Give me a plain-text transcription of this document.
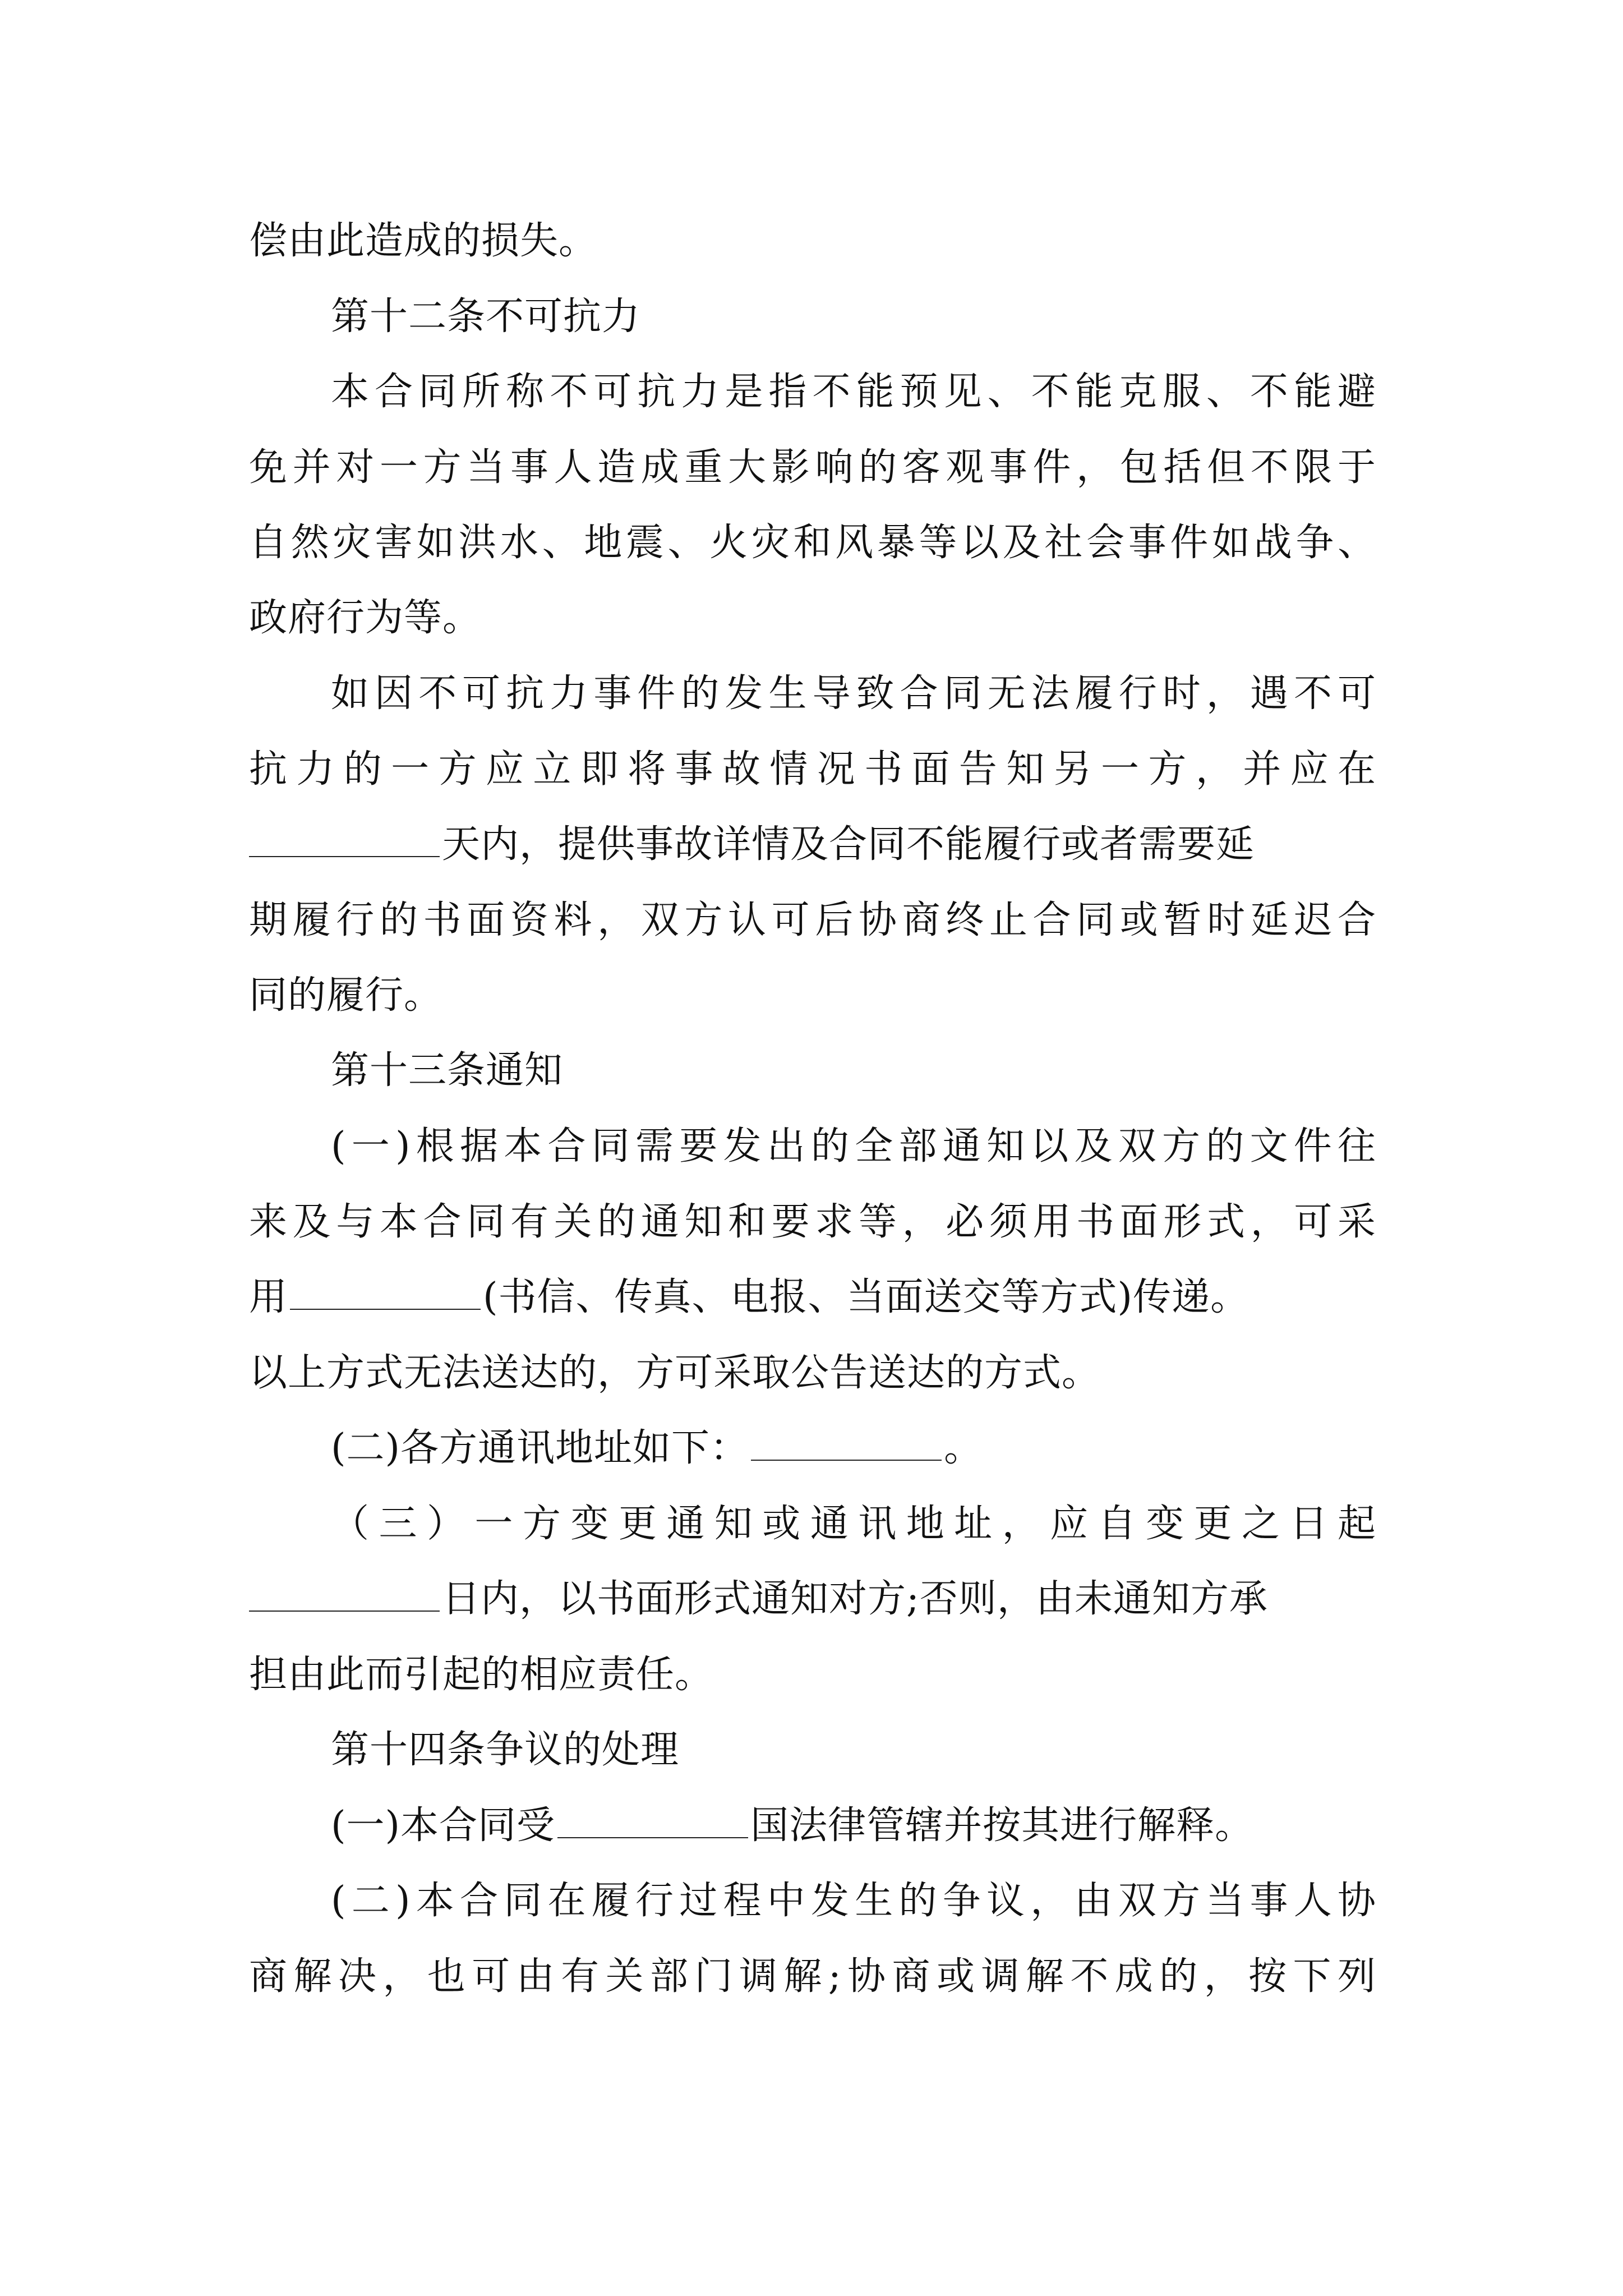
偿由此造成的损失。
第十二条不可抗力
本合同所称不可抗力是指不能预见、不能克服、不能避
免并对一方当事人造成重大影响的客观事件，包括但不限于
自然灾害如洪水、地震、火灾和风暴等以及社会事件如战争、
政府行为等。
如因不可抗力事件的发生导致合同无法履行时，遇不可
抗力的一方应立即将事故情况书面告知另一方，并应在
天内，提供事故详情及合同不能履行或者需要延
期履行的书面资料，双方认可后协商终止合同或暂时延迟合
同的履行。
第十三条通知
(一)根据本合同需要发出的全部通知以及双方的文件往
来及与本合同有关的通知和要求等，必须用书面形式，可采
用	(书信、传真、电报、当面送交等方式)传递。
以上方式无法送达的，方可采取公告送达的方式。
(二)各方通讯地址如下：	。
（三）一方变更通知或通讯地址，应自变更之日起
日内，以书面形式通知对方;否则，由未通知方承
担由此而引起的相应责任。
第十四条争议的处理
(一)本合同受	国法律管辖并按其进行解释。
(二)本合同在履行过程中发生的争议，由双方当事人协
商解决，也可由有关部门调解;协商或调解不成的，按下列
